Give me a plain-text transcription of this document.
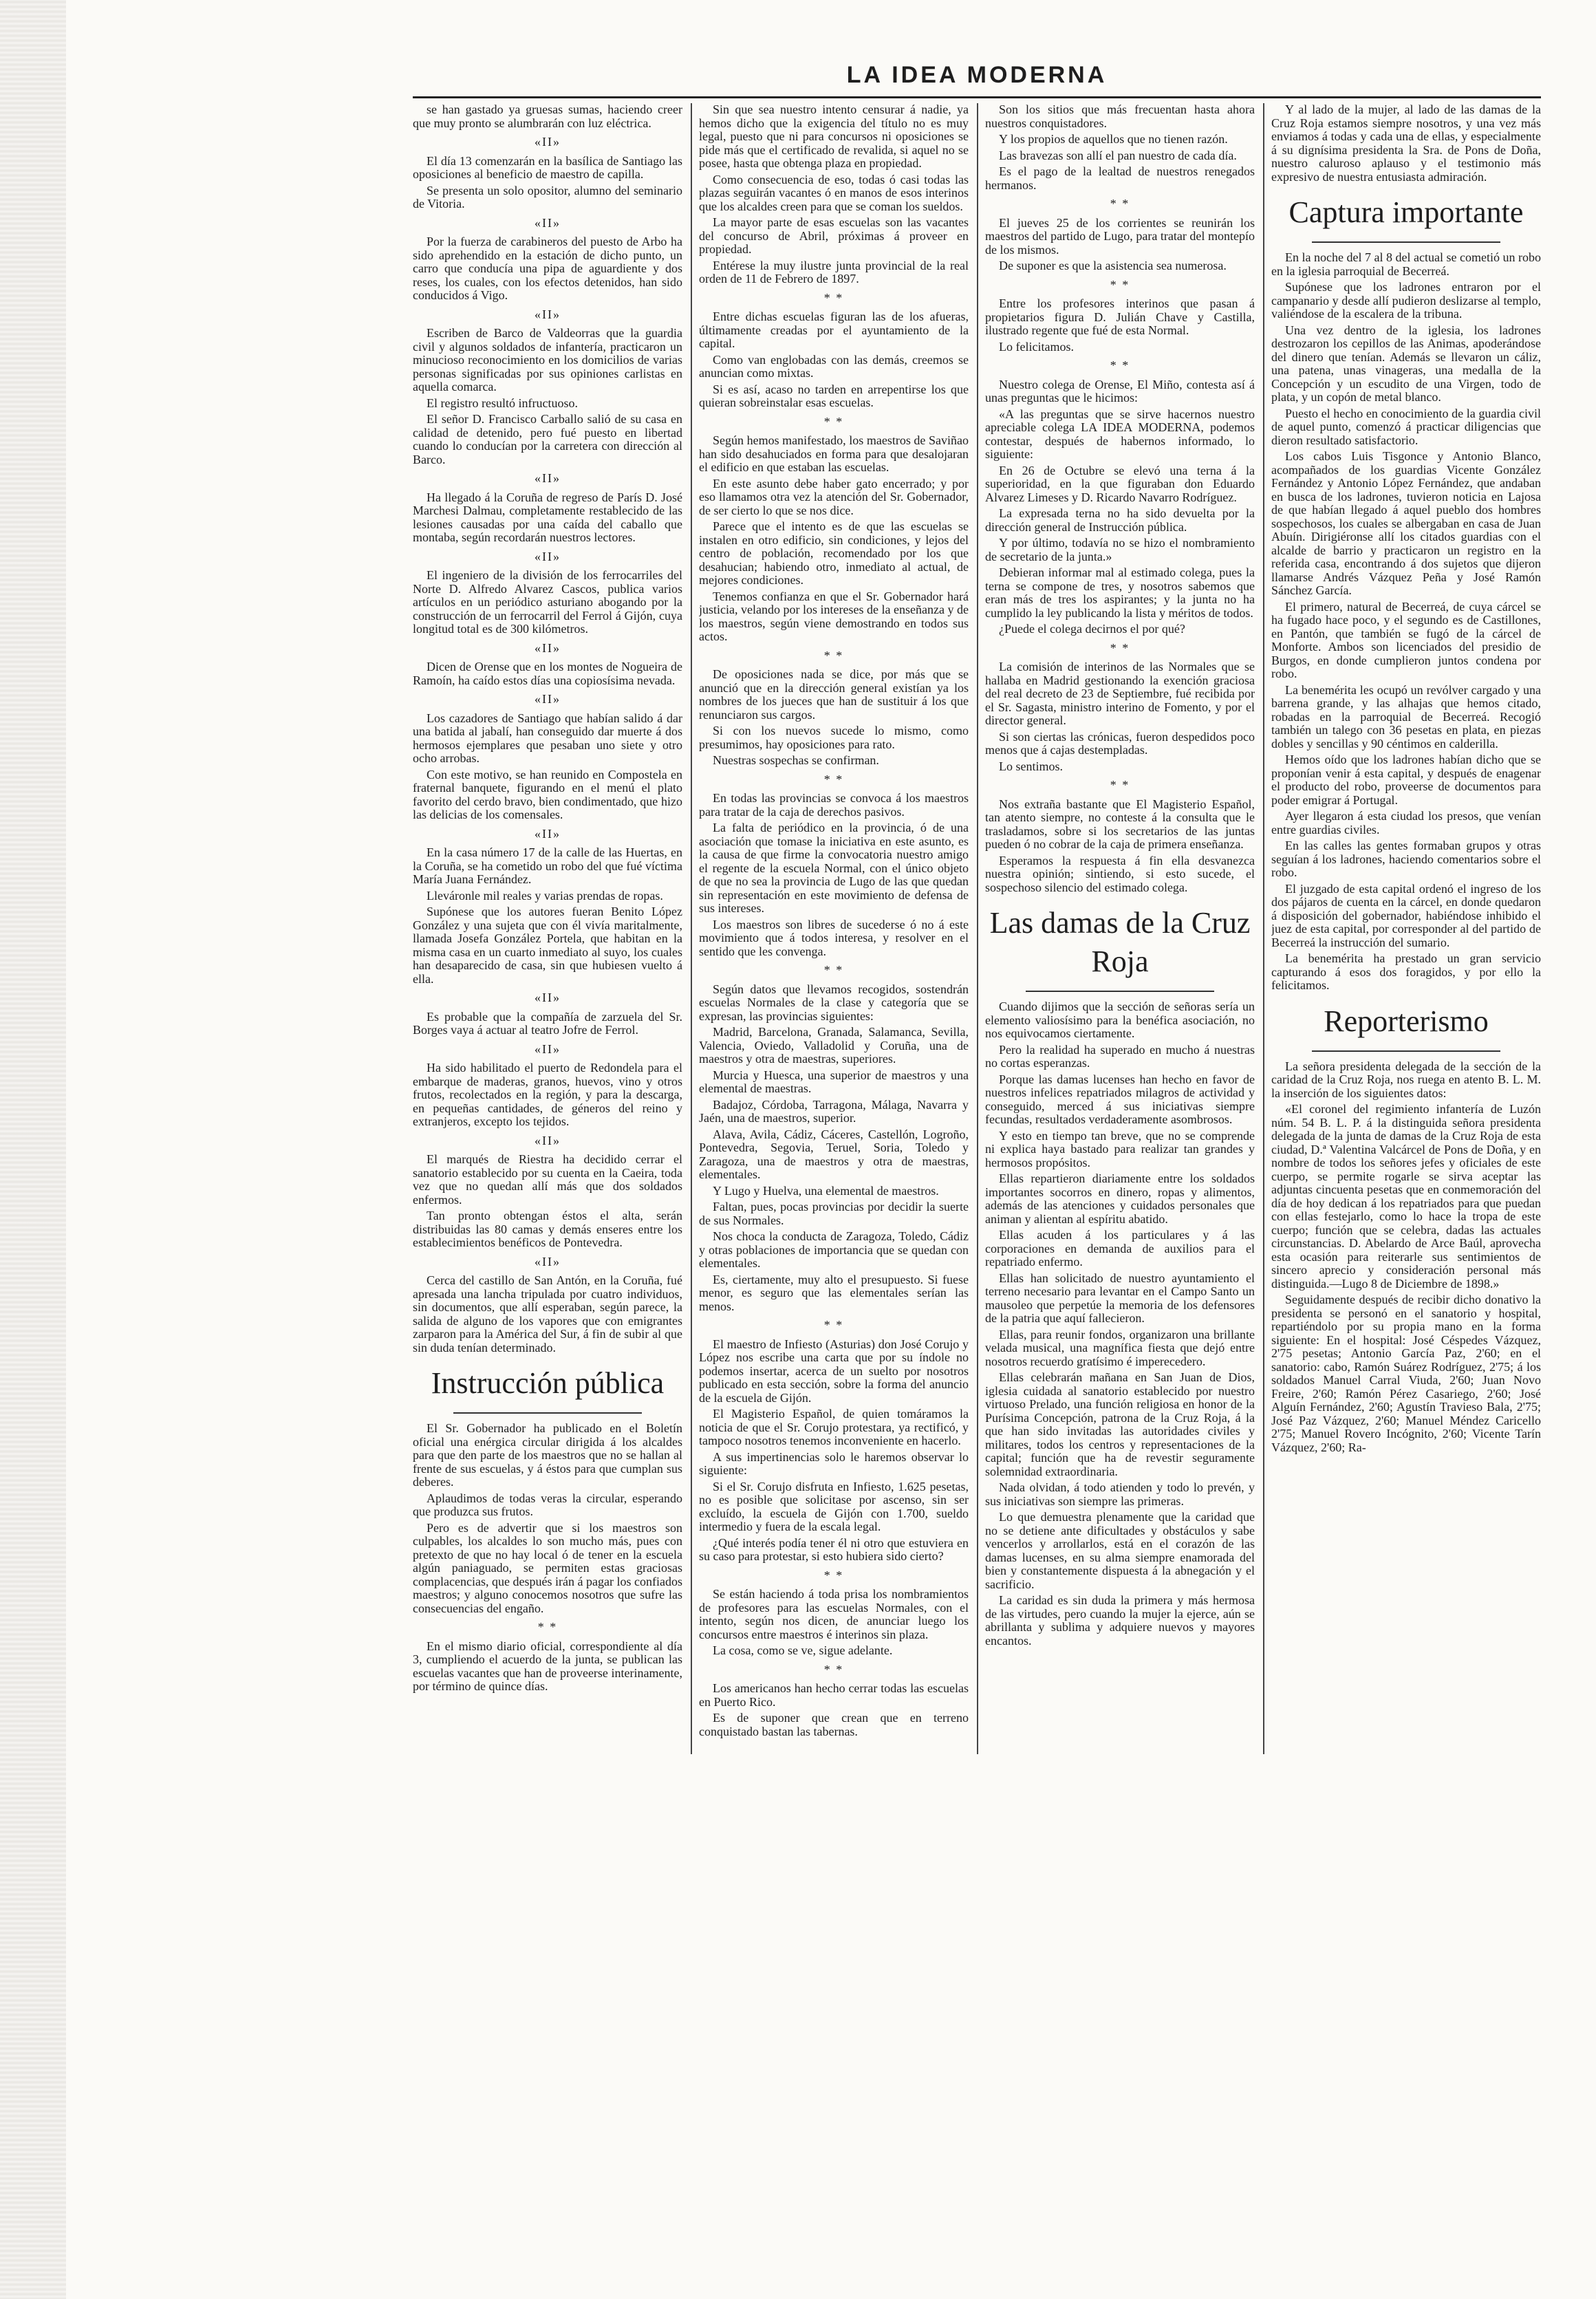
LA IDEA MODERNA

se han gastado ya gruesas sumas, haciendo creer que muy pronto se alumbrarán con luz eléctrica.

«II»

El día 13 comenzarán en la basílica de Santiago las oposiciones al beneficio de maestro de capilla.

Se presenta un solo opositor, alumno del seminario de Vitoria.

«II»

Por la fuerza de carabineros del puesto de Arbo ha sido aprehendido en la estación de dicho punto, un carro que conducía una pipa de aguardiente y dos reses, los cuales, con los efectos detenidos, han sido conducidos á Vigo.

«II»

Escriben de Barco de Valdeorras que la guardia civil y algunos soldados de infantería, practicaron un minucioso reconocimiento en los domicilios de varias personas significadas por sus opiniones carlistas en aquella comarca.

El registro resultó infructuoso.

El señor D. Francisco Carballo salió de su casa en calidad de detenido, pero fué puesto en libertad cuando lo conducían por la carretera con dirección al Barco.

«II»

Ha llegado á la Coruña de regreso de París D. José Marchesi Dalmau, completamente restablecido de las lesiones causadas por una caída del caballo que montaba, según recordarán nuestros lectores.

«II»

El ingeniero de la división de los ferrocarriles del Norte D. Alfredo Alvarez Cascos, publica varios artículos en un periódico asturiano abogando por la construcción de un ferrocarril del Ferrol á Gijón, cuya longitud total es de 300 kilómetros.

«II»

Dicen de Orense que en los montes de Nogueira de Ramoín, ha caído estos días una copiosísima nevada.

«II»

Los cazadores de Santiago que habían salido á dar una batida al jabalí, han conseguido dar muerte á dos hermosos ejemplares que pesaban uno siete y otro ocho arrobas.

Con este motivo, se han reunido en Compostela en fraternal banquete, figurando en el menú el plato favorito del cerdo bravo, bien condimentado, que hizo las delicias de los comensales.

«II»

En la casa número 17 de la calle de las Huertas, en la Coruña, se ha cometido un robo del que fué víctima María Juana Fernández.

Lleváronle mil reales y varias prendas de ropas.

Supónese que los autores fueran Benito López González y una sujeta que con él vivía maritalmente, llamada Josefa González Portela, que habitan en la misma casa en un cuarto inmediato al suyo, los cuales han desaparecido de casa, sin que hubiesen vuelto á ella.

«II»

Es probable que la compañía de zarzuela del Sr. Borges vaya á actuar al teatro Jofre de Ferrol.

«II»

Ha sido habilitado el puerto de Redondela para el embarque de maderas, granos, huevos, vino y otros frutos, recolectados en la región, y para la descarga, en pequeñas cantidades, de géneros del reino y extranjeros, excepto los tejidos.

«II»

El marqués de Riestra ha decidido cerrar el sanatorio establecido por su cuenta en la Caeira, toda vez que no quedan allí más que dos soldados enfermos.

Tan pronto obtengan éstos el alta, serán distribuidas las 80 camas y demás enseres entre los establecimientos benéficos de Pontevedra.

«II»

Cerca del castillo de San Antón, en la Coruña, fué apresada una lancha tripulada por cuatro individuos, sin documentos, que allí esperaban, según parece, la salida de alguno de los vapores que con emigrantes zarparon para la América del Sur, á fin de subir al que sin duda tenían determinado.

Instrucción pública

El Sr. Gobernador ha publicado en el Boletín oficial una enérgica circular dirigida á los alcaldes para que den parte de los maestros que no se hallan al frente de sus escuelas, y á éstos para que cumplan sus deberes.

Aplaudimos de todas veras la circular, esperando que produzca sus frutos.

Pero es de advertir que si los maestros son culpables, los alcaldes lo son mucho más, pues con pretexto de que no hay local ó de tener en la escuela algún paniaguado, se permiten estas graciosas complacencias, que después irán á pagar los confiados maestros; y alguno conocemos nosotros que sufre las consecuencias del engaño.

* *

En el mismo diario oficial, correspondiente al día 3, cumpliendo el acuerdo de la junta, se publican las escuelas vacantes que han de proveerse interinamente, por término de quince días.

Sin que sea nuestro intento censurar á nadie, ya hemos dicho que la exigencia del título no es muy legal, puesto que ni para concursos ni oposiciones se pide más que el certificado de revalida, si aquel no se posee, hasta que obtenga plaza en propiedad.

Como consecuencia de eso, todas ó casi todas las plazas seguirán vacantes ó en manos de esos interinos que los alcaldes creen para que se coman los sueldos.

La mayor parte de esas escuelas son las vacantes del concurso de Abril, próximas á proveer en propiedad.

Entérese la muy ilustre junta provincial de la real orden de 11 de Febrero de 1897.

* *

Entre dichas escuelas figuran las de los afueras, últimamente creadas por el ayuntamiento de la capital.

Como van englobadas con las demás, creemos se anuncian como mixtas.

Si es así, acaso no tarden en arrepentirse los que quieran sobreinstalar esas escuelas.

* *

Según hemos manifestado, los maestros de Saviñao han sido desahuciados en forma para que desalojaran el edificio en que estaban las escuelas.

En este asunto debe haber gato encerrado; y por eso llamamos otra vez la atención del Sr. Gobernador, de ser cierto lo que se nos dice.

Parece que el intento es de que las escuelas se instalen en otro edificio, sin condiciones, y lejos del centro de población, recomendado por los que desahucian; habiendo otro, inmediato al actual, de mejores condiciones.

Tenemos confianza en que el Sr. Gobernador hará justicia, velando por los intereses de la enseñanza y de los maestros, según viene demostrando en todos sus actos.

* *

De oposiciones nada se dice, por más que se anunció que en la dirección general existían ya los nombres de los jueces que han de sustituir á los que renunciaron sus cargos.

Si con los nuevos sucede lo mismo, como presumimos, hay oposiciones para rato.

Nuestras sospechas se confirman.

* *

En todas las provincias se convoca á los maestros para tratar de la caja de derechos pasivos.

La falta de periódico en la provincia, ó de una asociación que tomase la iniciativa en este asunto, es la causa de que firme la convocatoria nuestro amigo el regente de la escuela Normal, con el único objeto de que no sea la provincia de Lugo de las que quedan sin representación en este movimiento de defensa de sus intereses.

Los maestros son libres de sucederse ó no á este movimiento que á todos interesa, y resolver en el sentido que les convenga.

* *

Según datos que llevamos recogidos, sostendrán escuelas Normales de la clase y categoría que se expresan, las provincias siguientes:

Madrid, Barcelona, Granada, Salamanca, Sevilla, Valencia, Oviedo, Valladolid y Coruña, una de maestros y otra de maestras, superiores.

Murcia y Huesca, una superior de maestros y una elemental de maestras.

Badajoz, Córdoba, Tarragona, Málaga, Navarra y Jaén, una de maestros, superior.

Alava, Avila, Cádiz, Cáceres, Castellón, Logroño, Pontevedra, Segovia, Teruel, Soria, Toledo y Zaragoza, una de maestros y otra de maestras, elementales.

Y Lugo y Huelva, una elemental de maestros.

Faltan, pues, pocas provincias por decidir la suerte de sus Normales.

Nos choca la conducta de Zaragoza, Toledo, Cádiz y otras poblaciones de importancia que se quedan con elementales.

Es, ciertamente, muy alto el presupuesto. Si fuese menor, es seguro que las elementales serían las menos.

* *

El maestro de Infiesto (Asturias) don José Corujo y López nos escribe una carta que por su índole no podemos insertar, acerca de un suelto por nosotros publicado en esta sección, sobre la forma del anuncio de la escuela de Gijón.

El Magisterio Español, de quien tomáramos la noticia de que el Sr. Corujo protestara, ya rectificó, y tampoco nosotros tenemos inconveniente en hacerlo.

A sus impertinencias solo le haremos observar lo siguiente:

Si el Sr. Corujo disfruta en Infiesto, 1.625 pesetas, no es posible que solicitase por ascenso, sin ser excluído, la escuela de Gijón con 1.700, sueldo intermedio y fuera de la escala legal.

¿Qué interés podía tener él ni otro que estuviera en su caso para protestar, si esto hubiera sido cierto?

* *

Se están haciendo á toda prisa los nombramientos de profesores para las escuelas Normales, con el intento, según nos dicen, de anunciar luego los concursos entre maestros é interinos sin plaza.

La cosa, como se ve, sigue adelante.

* *

Los americanos han hecho cerrar todas las escuelas en Puerto Rico.

Es de suponer que crean que en terreno conquistado bastan las tabernas.

Son los sitios que más frecuentan hasta ahora nuestros conquistadores.

Y los propios de aquellos que no tienen razón.

Las bravezas son allí el pan nuestro de cada día.

Es el pago de la lealtad de nuestros renegados hermanos.

* *

El jueves 25 de los corrientes se reunirán los maestros del partido de Lugo, para tratar del montepío de los mismos.

De suponer es que la asistencia sea numerosa.

* *

Entre los profesores interinos que pasan á propietarios figura D. Julián Chave y Castilla, ilustrado regente que fué de esta Normal.

Lo felicitamos.

* *

Nuestro colega de Orense, El Miño, contesta así á unas preguntas que le hicimos:

«A las preguntas que se sirve hacernos nuestro apreciable colega LA IDEA MODERNA, podemos contestar, después de habernos informado, lo siguiente:

En 26 de Octubre se elevó una terna á la superioridad, en la que figuraban don Eduardo Alvarez Limeses y D. Ricardo Navarro Rodríguez.

La expresada terna no ha sido devuelta por la dirección general de Instrucción pública.

Y por último, todavía no se hizo el nombramiento de secretario de la junta.»

Debieran informar mal al estimado colega, pues la terna se compone de tres, y nosotros sabemos que eran más de tres los aspirantes; y la junta no ha cumplido la ley publicando la lista y méritos de todos.

¿Puede el colega decirnos el por qué?

* *

La comisión de interinos de las Normales que se hallaba en Madrid gestionando la exención graciosa del real decreto de 23 de Septiembre, fué recibida por el Sr. Sagasta, ministro interino de Fomento, y por el director general.

Si son ciertas las crónicas, fueron despedidos poco menos que á cajas destempladas.

Lo sentimos.

* *

Nos extraña bastante que El Magisterio Español, tan atento siempre, no conteste á la consulta que le trasladamos, sobre si los secretarios de las juntas pueden ó no cobrar de la caja de primera enseñanza.

Esperamos la respuesta á fin ella desvanezca nuestra opinión; sintiendo, si esto sucede, el sospechoso silencio del estimado colega.

Las damas de la Cruz Roja

Cuando dijimos que la sección de señoras sería un elemento valiosísimo para la benéfica asociación, no nos equivocamos ciertamente.

Pero la realidad ha superado en mucho á nuestras no cortas esperanzas.

Porque las damas lucenses han hecho en favor de nuestros infelices repatriados milagros de actividad y conseguido, merced á sus iniciativas siempre fecundas, resultados verdaderamente asombrosos.

Y esto en tiempo tan breve, que no se comprende ni explica haya bastado para realizar tan grandes y hermosos propósitos.

Ellas repartieron diariamente entre los soldados importantes socorros en dinero, ropas y alimentos, además de las atenciones y cuidados personales que animan y alientan al espíritu abatido.

Ellas acuden á los particulares y á las corporaciones en demanda de auxilios para el repatriado enfermo.

Ellas han solicitado de nuestro ayuntamiento el terreno necesario para levantar en el Campo Santo un mausoleo que perpetúe la memoria de los defensores de la patria que aquí fallecieron.

Ellas, para reunir fondos, organizaron una brillante velada musical, una magnífica fiesta que dejó entre nosotros recuerdo gratísimo é imperecedero.

Ellas celebrarán mañana en San Juan de Dios, iglesia cuidada al sanatorio establecido por nuestro virtuoso Prelado, una función religiosa en honor de la Purísima Concepción, patrona de la Cruz Roja, á la que han sido invitadas las autoridades civiles y militares, todos los centros y representaciones de la capital; función que ha de revestir seguramente solemnidad extraordinaria.

Nada olvidan, á todo atienden y todo lo prevén, y sus iniciativas son siempre las primeras.

Lo que demuestra plenamente que la caridad que no se detiene ante dificultades y obstáculos y sabe vencerlos y arrollarlos, está en el corazón de las damas lucenses, en su alma siempre enamorada del bien y constantemente dispuesta á la abnegación y el sacrificio.

La caridad es sin duda la primera y más hermosa de las virtudes, pero cuando la mujer la ejerce, aún se abrillanta y sublima y adquiere nuevos y mayores encantos.

Y al lado de la mujer, al lado de las damas de la Cruz Roja estamos siempre nosotros, y una vez más enviamos á todas y cada una de ellas, y especialmente á su dignísima presidenta la Sra. de Pons de Doña, nuestro caluroso aplauso y el testimonio más expresivo de nuestra entusiasta admiración.

Captura importante

En la noche del 7 al 8 del actual se cometió un robo en la iglesia parroquial de Becerreá.

Supónese que los ladrones entraron por el campanario y desde allí pudieron deslizarse al templo, valiéndose de la escalera de la tribuna.

Una vez dentro de la iglesia, los ladrones destrozaron los cepillos de las Animas, apoderándose del dinero que tenían. Además se llevaron un cáliz, una patena, unas vinageras, una medalla de la Concepción y un escudito de una Virgen, todo de plata, y un copón de metal blanco.

Puesto el hecho en conocimiento de la guardia civil de aquel punto, comenzó á practicar diligencias que dieron resultado satisfactorio.

Los cabos Luis Tisgonce y Antonio Blanco, acompañados de los guardias Vicente González Fernández y Antonio López Fernández, que andaban en busca de los ladrones, tuvieron noticia en Lajosa de que habían llegado á aquel pueblo dos hombres sospechosos, los cuales se albergaban en casa de Juan Abuín. Dirigiéronse allí los citados guardias con el alcalde de barrio y practicaron un registro en la referida casa, encontrando á dos sujetos que dijeron llamarse Andrés Vázquez Peña y José Ramón Sánchez García.

El primero, natural de Becerreá, de cuya cárcel se ha fugado hace poco, y el segundo es de Castillones, en Pantón, que también se fugó de la cárcel de Monforte. Ambos son licenciados del presidio de Burgos, en donde cumplieron juntos condena por robo.

La benemérita les ocupó un revólver cargado y una barrena grande, y las alhajas que hemos citado, robadas en la parroquial de Becerreá. Recogió también un talego con 36 pesetas en plata, en piezas dobles y sencillas y 90 céntimos en calderilla.

Hemos oído que los ladrones habían dicho que se proponían venir á esta capital, y después de enagenar el producto del robo, proveerse de documentos para poder emigrar á Portugal.

Ayer llegaron á esta ciudad los presos, que venían entre guardias civiles.

En las calles las gentes formaban grupos y otras seguían á los ladrones, haciendo comentarios sobre el robo.

El juzgado de esta capital ordenó el ingreso de los dos pájaros de cuenta en la cárcel, en donde quedaron á disposición del gobernador, habiéndose inhibido el juez de esta capital, por corresponder al del partido de Becerreá la instrucción del sumario.

La benemérita ha prestado un gran servicio capturando á esos dos foragidos, y por ello la felicitamos.

Reporterismo

La señora presidenta delegada de la sección de la caridad de la Cruz Roja, nos ruega en atento B. L. M. la inserción de los siguientes datos:

«El coronel del regimiento infantería de Luzón núm. 54 B. L. P. á la distinguida señora presidenta delegada de la junta de damas de la Cruz Roja de esta ciudad, D.ª Valentina Valcárcel de Pons de Doña, y en nombre de todos los señores jefes y oficiales de este cuerpo, se permite rogarle se sirva aceptar las adjuntas cincuenta pesetas que en conmemoración del día de hoy dedican á los repatriados para que puedan con ellas festejarlo, como lo hace la tropa de este cuerpo; función que se celebra, dadas las actuales circunstancias. D. Abelardo de Arce Baúl, aprovecha esta ocasión para reiterarle sus sentimientos de sincero aprecio y consideración personal más distinguida.—Lugo 8 de Diciembre de 1898.»

Seguidamente después de recibir dicho donativo la presidenta se personó en el sanatorio y hospital, repartiéndolo por su propia mano en la forma siguiente: En el hospital: José Céspedes Vázquez, 2'75 pesetas; Antonio García Paz, 2'60; en el sanatorio: cabo, Ramón Suárez Rodríguez, 2'75; á los soldados Manuel Carral Viuda, 2'60; Juan Novo Freire, 2'60; Ramón Pérez Casariego, 2'60; José Alguín Fernández, 2'60; Agustín Travieso Bala, 2'75; José Paz Vázquez, 2'60; Manuel Méndez Caricello 2'75; Manuel Rovero Incógnito, 2'60; Vicente Tarín Vázquez, 2'60; Ra-
